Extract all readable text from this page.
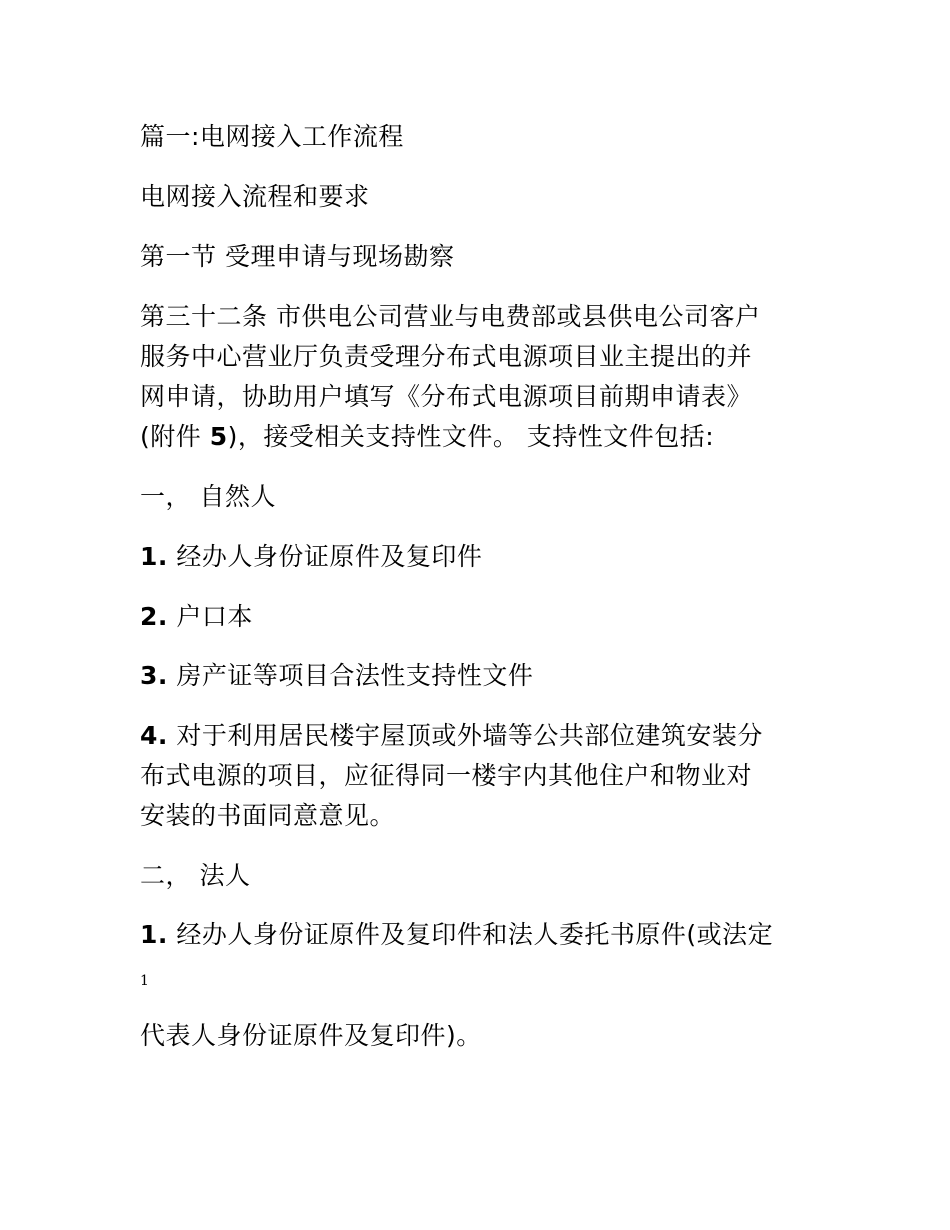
篇一:电网接入工作流程
电网接入流程和要求
第一节 受理申请与现场勘察
第三十二条 市供电公司营业与电费部或县供电公司客户
服务中心营业厅负责受理分布式电源项目业主提出的并
网申请，协助用户填写《分布式电源项目前期申请表》
(附件 5)，接受相关支持性文件。 支持性文件包括:
一， 自然人
1. 经办人身份证原件及复印件
2. 户口本
3. 房产证等项目合法性支持性文件
4. 对于利用居民楼宇屋顶或外墙等公共部位建筑安装分
布式电源的项目，应征得同一楼宇内其他住户和物业对
安装的书面同意意见。
二， 法人
1. 经办人身份证原件及复印件和法人委托书原件(或法定
1
代表人身份证原件及复印件)。
